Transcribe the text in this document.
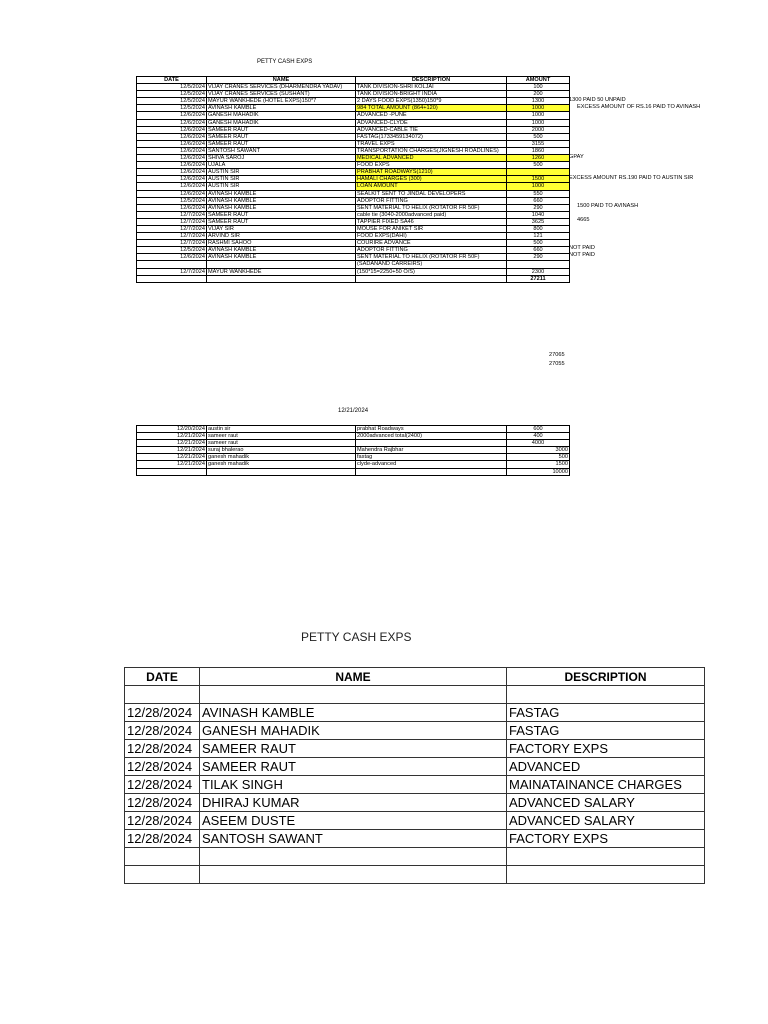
PETTY CASH EXPS
DATE	NAME	DESCRIPTION	AMOUNT
12/5/2024	VIJAY CRANES SERVICES (DHARMENDRA YADAV)	TANK DIVISION-SHRI KOLJAI	100
12/5/2024	VIJAY CRANES SERVICES (SUSHANT)	TANK DIVISION-BRIGHT INDIA	200
12/5/2024	MAYUR WANKHEDE (HOTEL EXPS)150*7	2 DAYS FOOD EXPS(1350)150*9	1300
12/5/2024	AVINASH KAMBLE	984 TOTAL AMOUNT (864+120)	1000
12/6/2024	GANESH MAHADIK	ADVANCED -PUNE	1000
12/6/2024	GANESH MAHADIK	ADVANCED-CLYDE	1000
12/6/2024	SAMEER RAUT	ADVANCED-CABLE TIE	2000
12/6/2024	SAMEER RAUT	FASTAG(1733459134072)	500
12/6/2024	SAMEER RAUT	TRAVEL EXPS	3155
12/6/2024	SANTOSH SAWANT	TRANSPORTATION CHARGES(JIGNESH ROADLINES)	1860
12/6/2024	SHIVA SAROJ	MEDICAL ADVANCED	1260
12/6/2024	UJALA	FOOD EXPS	500
12/6/2024	AUSTIN SIR	PRABHAT ROADWAYS(1210)	
12/6/2024	AUSTIN SIR	HAMALI CHARGES (300)	1500
12/6/2024	AUSTIN SIR	LOAN AMOUNT	1000
12/6/2024	AVINASH KAMBLE	SEALKIT SENT TO JINDAL DEVELOPERS	550
12/5/2024	AVINASH KAMBLE	ADOPTOR FITTING	660
12/6/2024	AVINASH KAMBLE	SENT MATERIAL TO HELIX (ROTATOR FR 50F)	290
12/7/2024	SAMEER RAUT	cable tie (3040-2000advanced paid)	1040
12/7/2024	SAMEER RAUT	TAPPIER FIXED SA46	3625
12/7/2024	VIJAY SIR	MOUSE FOR ANIKET SIR	800
12/7/2024	ARVIND SIR	FOOD EXPS(DAHI)	121
12/7/2024	RASHMI SAHOO	COURIRE ADVANCE	500
12/5/2024	AVINASH KAMBLE	ADOPTOR FITTING	660
12/6/2024	AVINASH KAMBLE	SENT MATERIAL TO HELIX (ROTATOR FR 50F)	290
		(SADANAND CARREIRS)	
12/7/2024	MAYUR WANKHEDE	(150*15=2250+50 O/S)	2300
			27211
1300 PAID 50 UNPAID
EXCESS AMOUNT OF RS.16 PAID TO AVINASH
GPAY
EXCESS AMOUNT RS.190 PAID TO AUSTIN SIR
1500 PAID TO AVINASH
4665
NOT PAID
NOT PAID
27065
27055
12/21/2024
12/20/2024	austin sir	prabhat Roadways	600
12/21/2024	sameer raut	2000advanced total(2400)	400
12/21/2024	sameer raut		4000
12/21/2024	suraj bhalerao	Mahendra Rajbhar	3000
12/21/2024	ganesh mahadik	fastag	500
12/21/2024	ganesh mahadik	clyde-advanced	1500
			10000
PETTY CASH EXPS
DATE	NAME	DESCRIPTION

12/28/2024	AVINASH KAMBLE	FASTAG
12/28/2024	GANESH MAHADIK	FASTAG
12/28/2024	SAMEER RAUT	FACTORY EXPS
12/28/2024	SAMEER RAUT	ADVANCED
12/28/2024	TILAK SINGH	MAINATAINANCE CHARGES
12/28/2024	DHIRAJ KUMAR	ADVANCED SALARY
12/28/2024	ASEEM DUSTE	ADVANCED SALARY
12/28/2024	SANTOSH SAWANT	FACTORY EXPS
